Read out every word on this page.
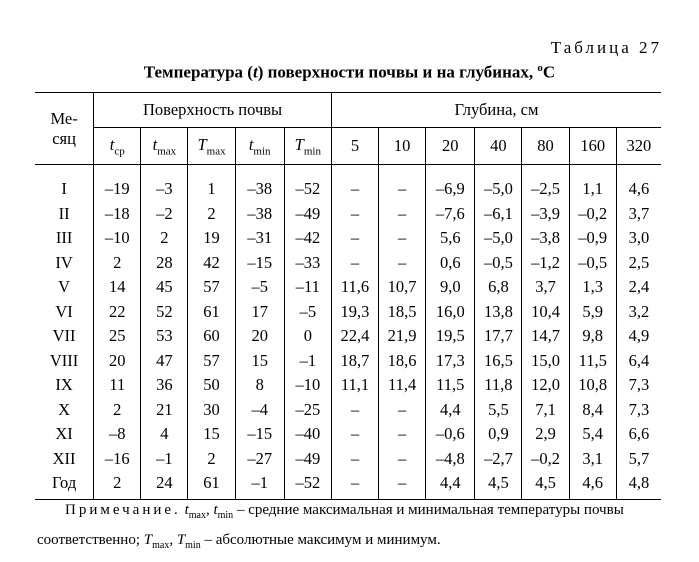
Таблица 27
Температура (t) поверхности почвы и на глубинах, $^o$С
Ме-
сяц	Поверхность почвы					Глубина, см						
	$t_{ср}$	$t_{max}$	$T_{max}$	$t_{min}$	$T_{min}$	5	10	20	40	80	160	320
I	–19	–3	1	–38	–52	–	–	–6,9	–5,0	–2,5	1,1	4,6
II	–18	–2	2	–38	–49	–	–	–7,6	–6,1	–3,9	–0,2	3,7
III	–10	2	19	–31	–42	–	–	5,6	–5,0	–3,8	–0,9	3,0
IV	2	28	42	–15	–33	–	–	0,6	–0,5	–1,2	–0,5	2,5
V	14	45	57	–5	–11	11,6	10,7	9,0	6,8	3,7	1,3	2,4
VI	22	52	61	17	–5	19,3	18,5	16,0	13,8	10,4	5,9	3,2
VII	25	53	60	20	0	22,4	21,9	19,5	17,7	14,7	9,8	4,9
VIII	20	47	57	15	–1	18,7	18,6	17,3	16,5	15,0	11,5	6,4
IX	11	36	50	8	–10	11,1	11,4	11,5	11,8	12,0	10,8	7,3
X	2	21	30	–4	–25	–	–	4,4	5,5	7,1	8,4	7,3
XI	–8	4	15	–15	–40	–	–	–0,6	0,9	2,9	5,4	6,6
XII	–16	–1	2	–27	–49	–	–	–4,8	–2,7	–0,2	3,1	5,7
Год	2	24	61	–1	–52	–	–	4,4	4,5	4,5	4,6	4,8
Примечание. $t_{max}$, $t_{min}$ – средние максимальная и минимальная температуры почвы соответственно; $T_{max}$, $T_{min}$ – абсолютные максимум и минимум.
